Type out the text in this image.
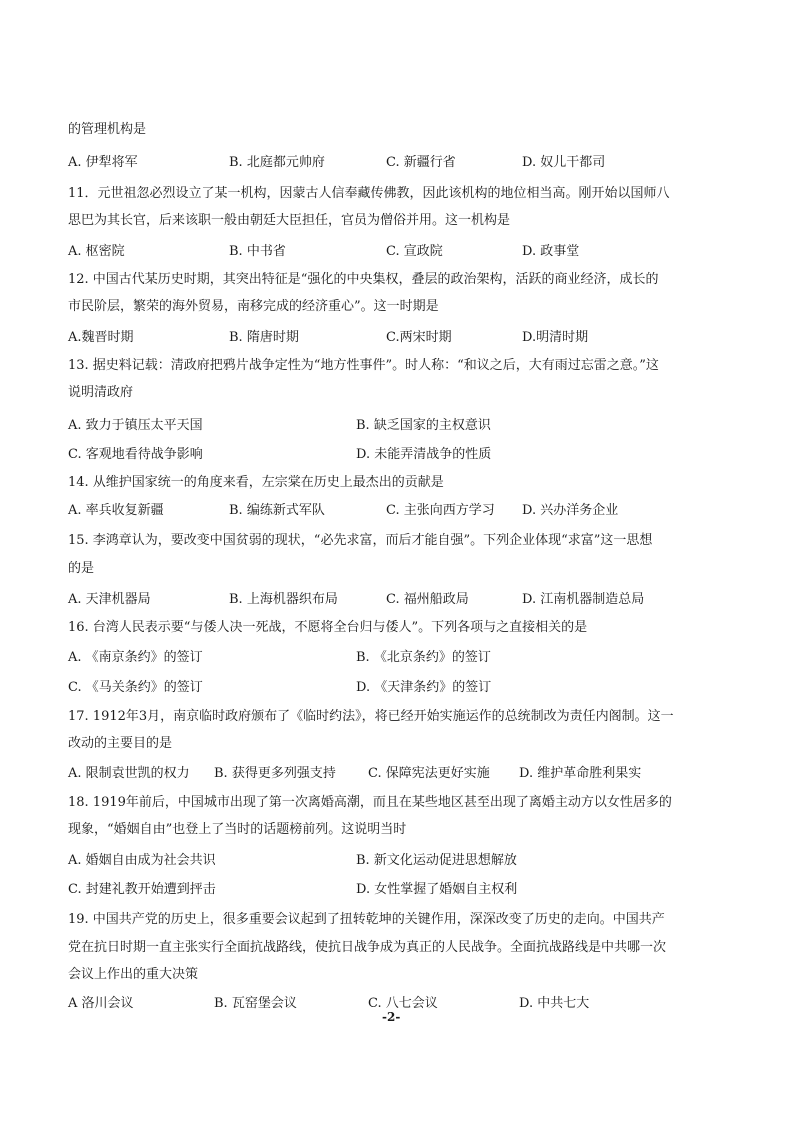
的管理机构是
A. 伊犁将军	B. 北庭都元帅府	C. 新疆行省	D. 奴儿干都司
11．元世祖忽必烈设立了某一机构，因蒙古人信奉藏传佛教，因此该机构的地位相当高。刚开始以国师八
思巴为其长官，后来该职一般由朝廷大臣担任，官员为僧俗并用。这一机构是
A. 枢密院	B. 中书省	C. 宣政院	D. 政事堂
12. 中国古代某历史时期，其突出特征是“强化的中央集权，叠层的政治架构，活跃的商业经济，成长的
市民阶层，繁荣的海外贸易，南移完成的经济重心”。这一时期是
A.魏晋时期	B. 隋唐时期	C.两宋时期	D.明清时期
13. 据史料记载：清政府把鸦片战争定性为“地方性事件”。时人称：“和议之后，大有雨过忘雷之意。”这
说明清政府
A. 致力于镇压太平天国	B. 缺乏国家的主权意识
C. 客观地看待战争影响	D. 未能弄清战争的性质
14. 从维护国家统一的角度来看，左宗棠在历史上最杰出的贡献是
A. 率兵收复新疆	B. 编练新式军队	C. 主张向西方学习 D. 兴办洋务企业
15. 李鸿章认为，要改变中国贫弱的现状，“必先求富，而后才能自强”。下列企业体现“求富”这一思想
的是
A. 天津机器局	B. 上海机器织布局	C. 福州船政局	D. 江南机器制造总局
16. 台湾人民表示要“与倭人决一死战，不愿将全台归与倭人”。下列各项与之直接相关的是
A. 《南京条约》的签订	B. 《北京条约》的签订
C. 《马关条约》的签订	D. 《天津条约》的签订
17. 1912年3月，南京临时政府颁布了《临时约法》，将已经开始实施运作的总统制改为责任内阁制。这一
改动的主要目的是
A. 限制袁世凯的权力 B. 获得更多列强支持 C. 保障宪法更好实施 D. 维护革命胜利果实
18. 1919年前后，中国城市出现了第一次离婚高潮，而且在某些地区甚至出现了离婚主动方以女性居多的
现象，“婚姻自由”也登上了当时的话题榜前列。这说明当时
A. 婚姻自由成为社会共识	B. 新文化运动促进思想解放
C. 封建礼教开始遭到抨击	D. 女性掌握了婚姻自主权利
19. 中国共产党的历史上，很多重要会议起到了扭转乾坤的关键作用，深深改变了历史的走向。中国共产
党在抗日时期一直主张实行全面抗战路线，使抗日战争成为真正的人民战争。全面抗战路线是中共哪一次
会议上作出的重大决策
A 洛川会议	B. 瓦窑堡会议	C. 八七会议	D. 中共七大
-2-
